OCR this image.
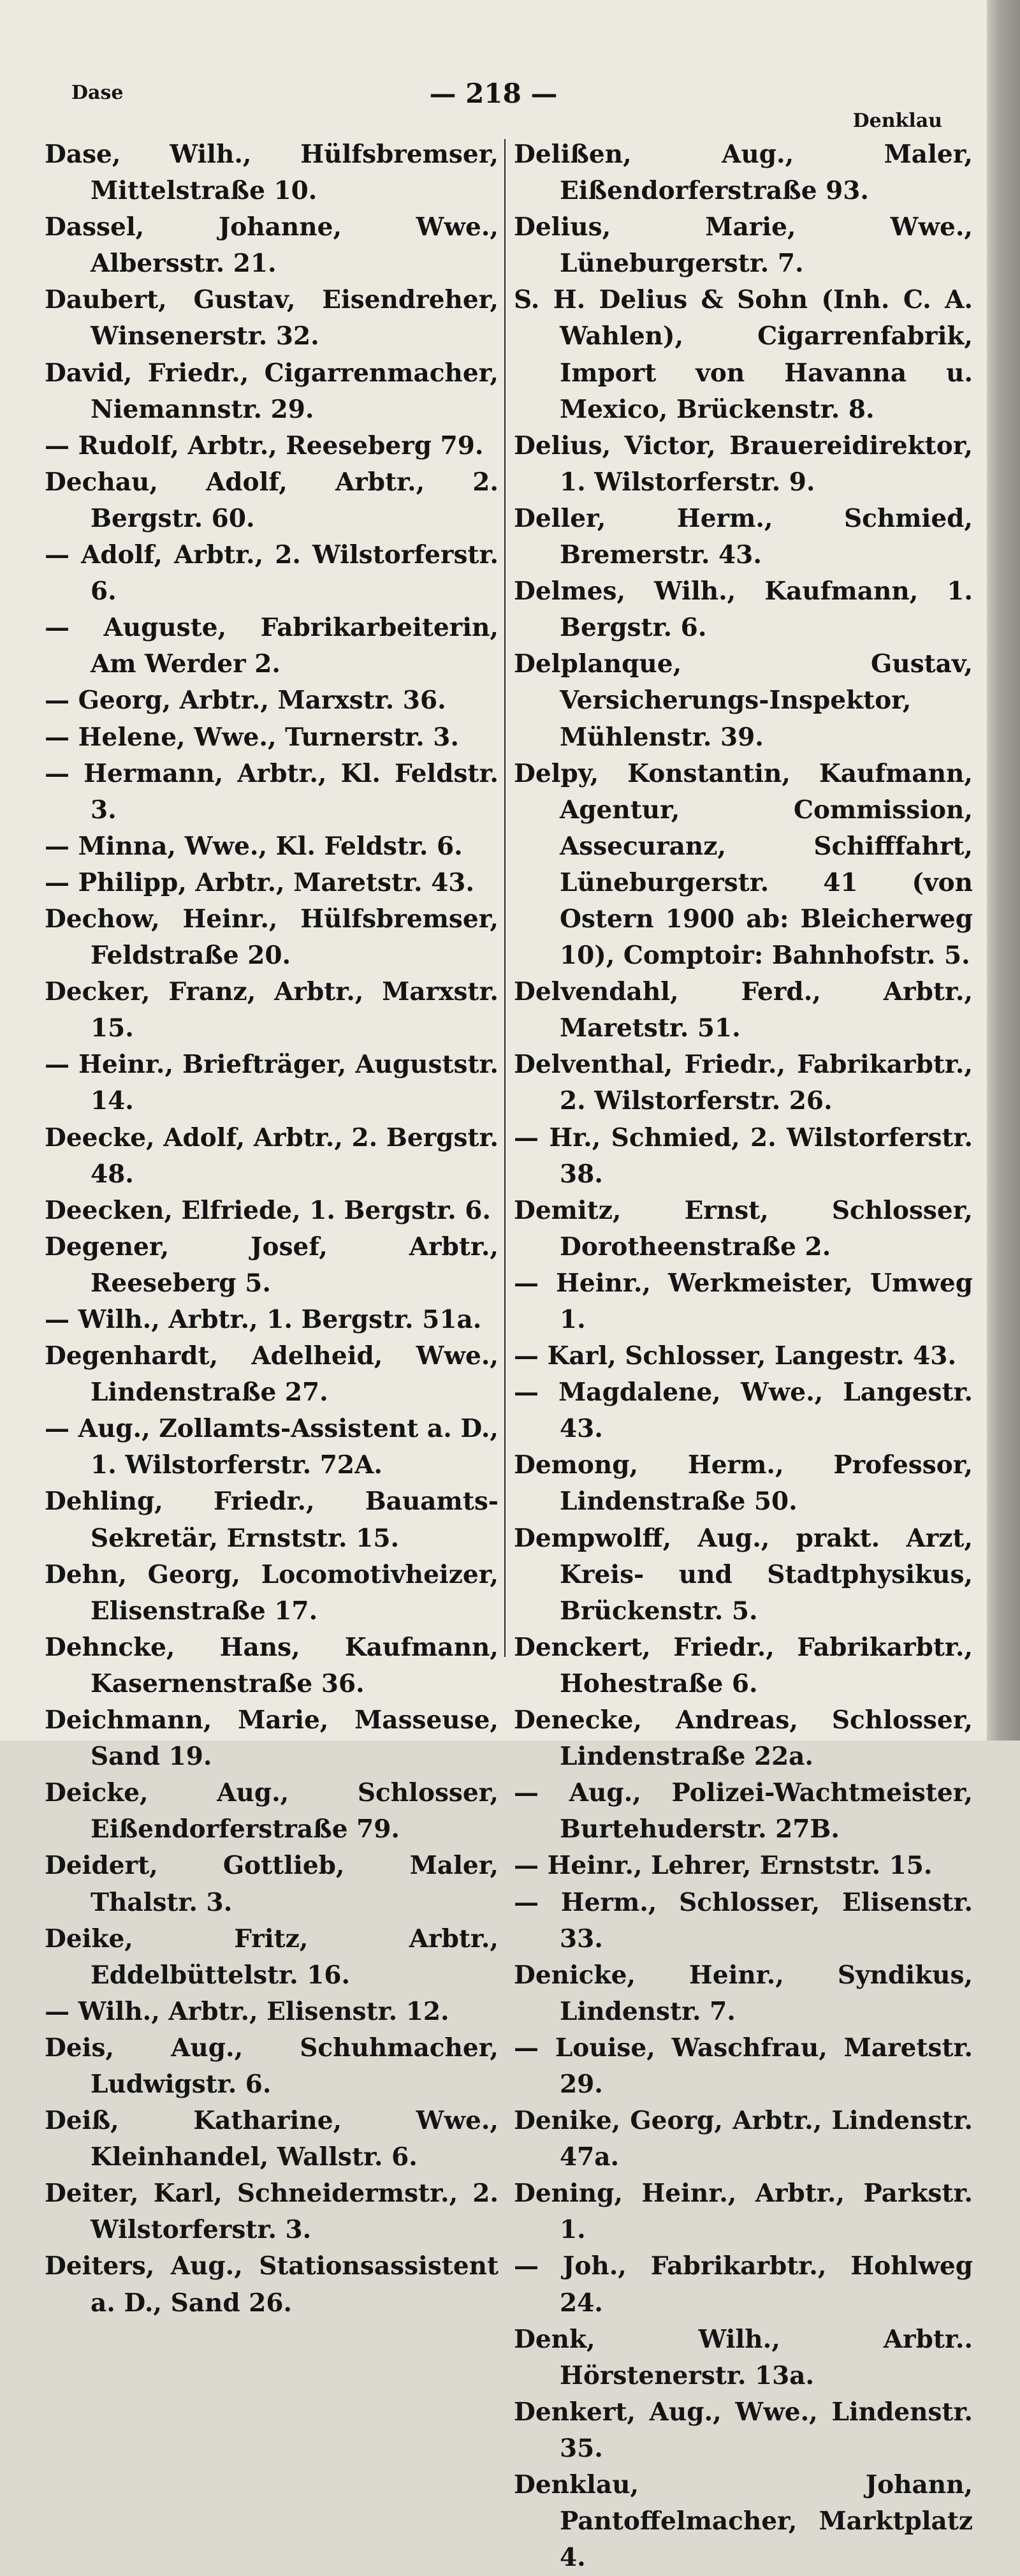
Dase	— 218 —
Denklau

Dase, Wilh., Hülfsbremser, Mittelstraße 10.

Dassel, Johanne, Wwe., Albersstr. 21.

Daubert, Gustav, Eisendreher, Winsenerstr. 32.

David, Friedr., Cigarrenmacher, Niemannstr. 29.

— Rudolf, Arbtr., Reeseberg 79.

Dechau, Adolf, Arbtr., 2. Bergstr. 60.

— Adolf, Arbtr., 2. Wilstorferstr. 6.

— Auguste, Fabrikarbeiterin, Am Werder 2.

— Georg, Arbtr., Marxstr. 36.

— Helene, Wwe., Turnerstr. 3.

— Hermann, Arbtr., Kl. Feldstr. 3.

— Minna, Wwe., Kl. Feldstr. 6.

— Philipp, Arbtr., Maretstr. 43.

Dechow, Heinr., Hülfsbremser, Feldstraße 20.

Decker, Franz, Arbtr., Marxstr. 15.

— Heinr., Briefträger, Auguststr. 14.

Deecke, Adolf, Arbtr., 2. Bergstr. 48.

Deecken, Elfriede, 1. Bergstr. 6.

Degener, Josef, Arbtr., Reeseberg 5.

— Wilh., Arbtr., 1. Bergstr. 51a.

Degenhardt, Adelheid, Wwe., Lindenstraße 27.

— Aug., Zollamts-Assistent a. D., 1. Wilstorferstr. 72A.

Dehling, Friedr., Bauamts-Sekretär, Ernststr. 15.

Dehn, Georg, Locomotivheizer, Elisenstraße 17.

Dehncke, Hans, Kaufmann, Kasernenstraße 36.

Deichmann, Marie, Masseuse, Sand 19.

Deicke, Aug., Schlosser, Eißendorferstraße 79.

Deidert, Gottlieb, Maler, Thalstr. 3.

Deike, Fritz, Arbtr., Eddelbüttelstr. 16.

— Wilh., Arbtr., Elisenstr. 12.

Deis, Aug., Schuhmacher, Ludwigstr. 6.

Deiß, Katharine, Wwe., Kleinhandel, Wallstr. 6.

Deiter, Karl, Schneidermstr., 2. Wilstorferstr. 3.

Deiters, Aug., Stationsassistent a. D., Sand 26.

Delißen, Aug., Maler, Eißendorferstraße 93.

Delius, Marie, Wwe., Lüneburgerstr. 7.

S. H. Delius & Sohn (Inh. C. A. Wahlen), Cigarrenfabrik, Import von Havanna u. Mexico, Brückenstr. 8.

Delius, Victor, Brauereidirektor, 1. Wilstorferstr. 9.

Deller, Herm., Schmied, Bremerstr. 43.

Delmes, Wilh., Kaufmann, 1. Bergstr. 6.

Delplanque, Gustav, Versicherungs-Inspektor, Mühlenstr. 39.

Delpy, Konstantin, Kaufmann, Agentur, Commission, Assecuranz, Schifffahrt, Lüneburgerstr. 41 (von Ostern 1900 ab: Bleicherweg 10), Comptoir: Bahnhofstr. 5.

Delvendahl, Ferd., Arbtr., Maretstr. 51.

Delventhal, Friedr., Fabrikarbtr., 2. Wilstorferstr. 26.

— Hr., Schmied, 2. Wilstorferstr. 38.

Demitz, Ernst, Schlosser, Dorotheenstraße 2.

— Heinr., Werkmeister, Umweg 1.

— Karl, Schlosser, Langestr. 43.

— Magdalene, Wwe., Langestr. 43.

Demong, Herm., Professor, Lindenstraße 50.

Dempwolff, Aug., prakt. Arzt, Kreis- und Stadtphysikus, Brückenstr. 5.

Denckert, Friedr., Fabrikarbtr., Hohestraße 6.

Denecke, Andreas, Schlosser, Lindenstraße 22a.

— Aug., Polizei-Wachtmeister, Burtehuderstr. 27B.

— Heinr., Lehrer, Ernststr. 15.

— Herm., Schlosser, Elisenstr. 33.

Denicke, Heinr., Syndikus, Lindenstr. 7.

— Louise, Waschfrau, Maretstr. 29.

Denike, Georg, Arbtr., Lindenstr. 47a.

Dening, Heinr., Arbtr., Parkstr. 1.

— Joh., Fabrikarbtr., Hohlweg 24.

Denk, Wilh., Arbtr.. Hörstenerstr. 13a.

Denkert, Aug., Wwe., Lindenstr. 35.

Denklau, Johann, Pantoffelmacher, Marktplatz 4.
